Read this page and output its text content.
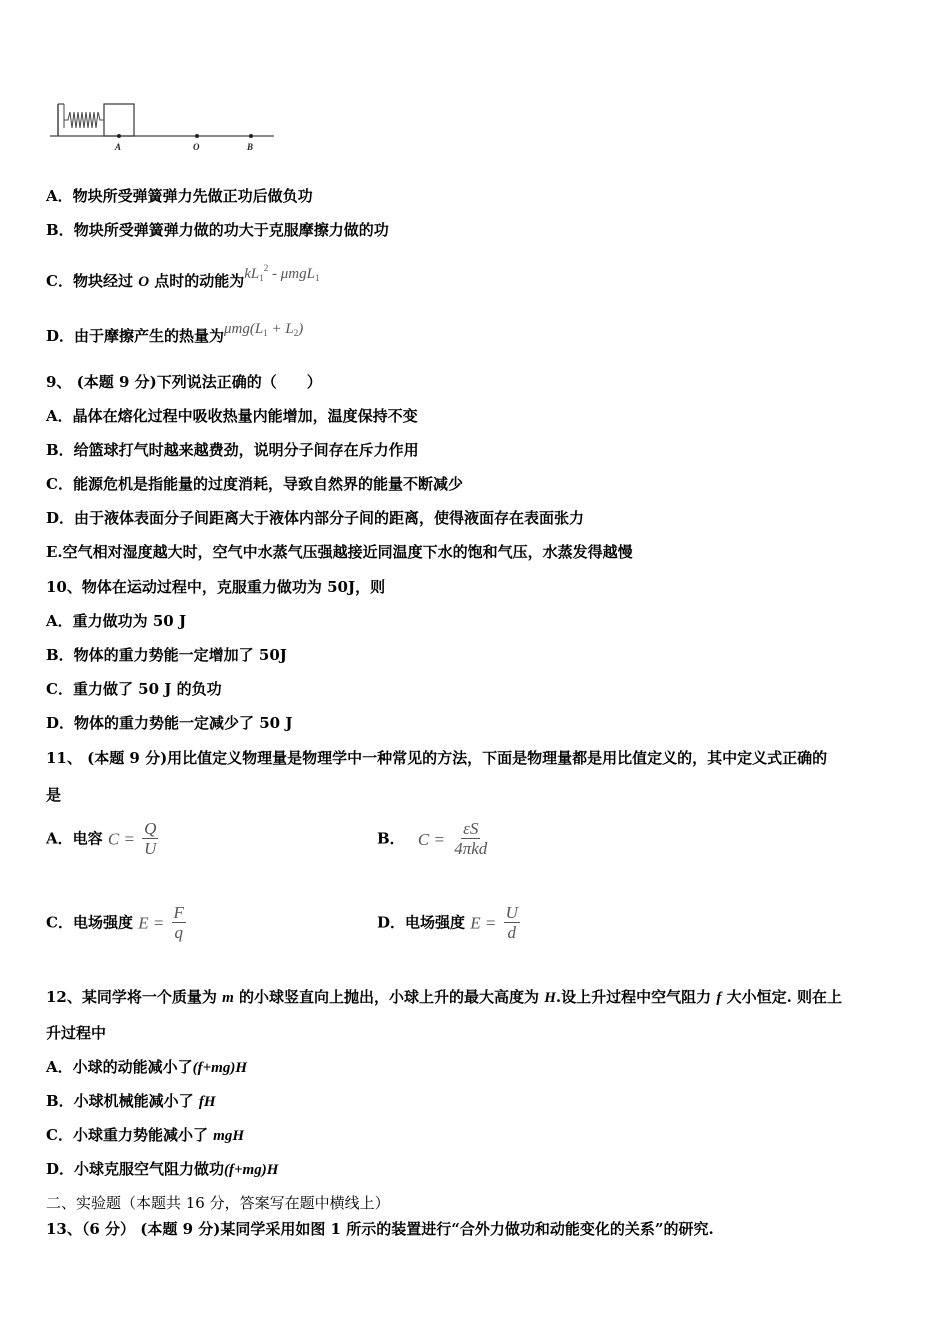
A	O	B
A．物块所受弹簧弹力先做正功后做负功
B．物块所受弹簧弹力做的功大于克服摩擦力做的功
C．物块经过 O 点时的动能为$kL_1^2 - \mu mgL_1$
D．由于摩擦产生的热量为$\mu mg(L_1 + L_2)$
9、 (本题 9 分)下列说法正确的（　　）
A．晶体在熔化过程中吸收热量内能增加，温度保持不变
B．给篮球打气时越来越费劲，说明分子间存在斥力作用
C．能源危机是指能量的过度消耗，导致自然界的能量不断减少
D．由于液体表面分子间距离大于液体内部分子间的距离，使得液面存在表面张力
E.空气相对湿度越大时，空气中水蒸气压强越接近同温度下水的饱和气压，水蒸发得越慢
10、物体在运动过程中，克服重力做功为 50J，则
A．重力做功为 50 J
B．物体的重力势能一定增加了 50J
C．重力做了 50 J 的负功
D．物体的重力势能一定减少了 50 J
11、 (本题 9 分)用比值定义物理量是物理学中一种常见的方法，下面是物理量都是用比值定义的，其中定义式正确的
是
A．电容 $C = \frac{Q}{U}$	B． $C = \frac{\varepsilon S}{\text{4πkd}}$
C．电场强度 $E = \frac{F}{q}$	D．电场强度 $E = \frac{U}{d}$
12、某同学将一个质量为 m 的小球竖直向上抛出，小球上升的最大高度为 H.设上升过程中空气阻力 f 大小恒定. 则在上
升过程中
A．小球的动能减小了(f+mg)H
B．小球机械能减小了 fH
C．小球重力势能减小了 mgH
D．小球克服空气阻力做功(f+mg)H
二、实验题（本题共 16 分，答案写在题中横线上）
13、（6 分） (本题 9 分)某同学采用如图 1 所示的装置进行“合外力做功和动能变化的关系”的研究.
